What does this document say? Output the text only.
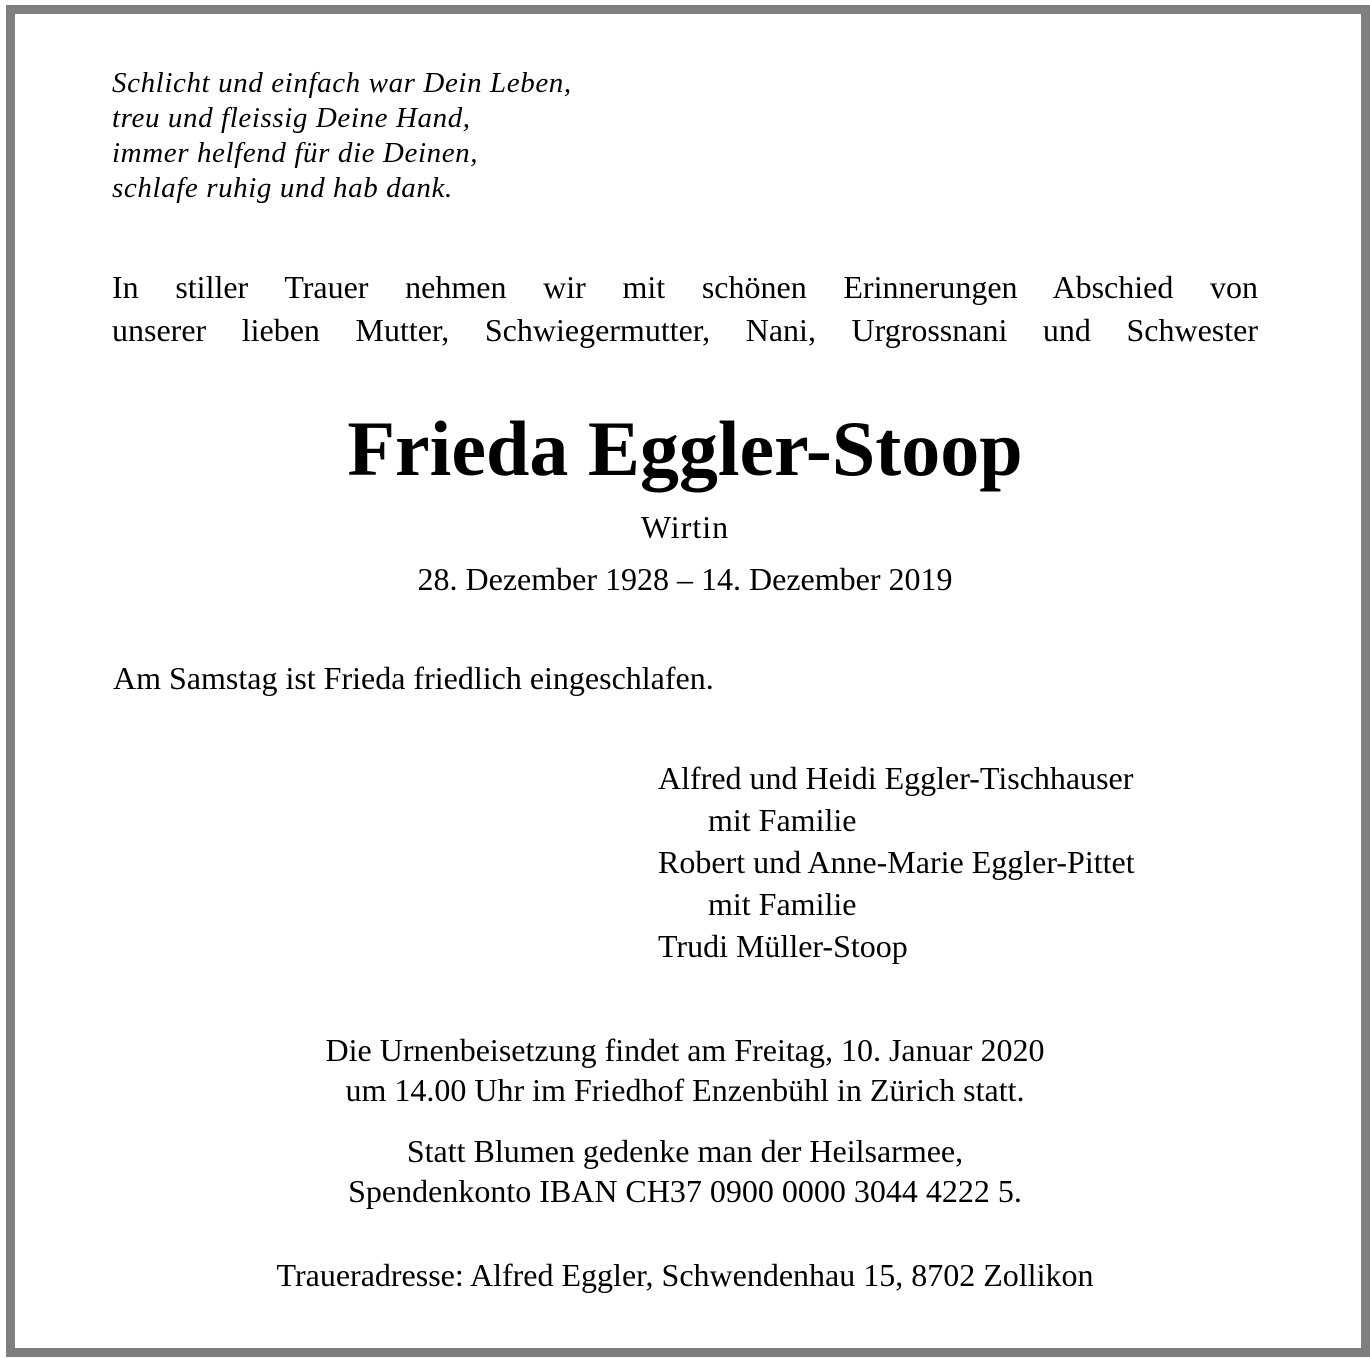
Schlicht und einfach war Dein Leben,
treu und fleissig Deine Hand,
immer helfend für die Deinen,
schlafe ruhig und hab dank.
In stiller Trauer nehmen wir mit schönen Erinnerungen Abschied von
unserer lieben Mutter, Schwiegermutter, Nani, Urgrossnani und Schwester
Frieda Eggler-Stoop
Wirtin
28. Dezember 1928 – 14. Dezember 2019
Am Samstag ist Frieda friedlich eingeschlafen.
Alfred und Heidi Eggler-Tischhauser
mit Familie
Robert und Anne-Marie Eggler-Pittet
mit Familie
Trudi Müller-Stoop
Die Urnenbeisetzung findet am Freitag, 10. Januar 2020
um 14.00 Uhr im Friedhof Enzenbühl in Zürich statt.
Statt Blumen gedenke man der Heilsarmee,
Spendenkonto IBAN CH37 0900 0000 3044 4222 5.
Traueradresse: Alfred Eggler, Schwendenhau 15, 8702 Zollikon
